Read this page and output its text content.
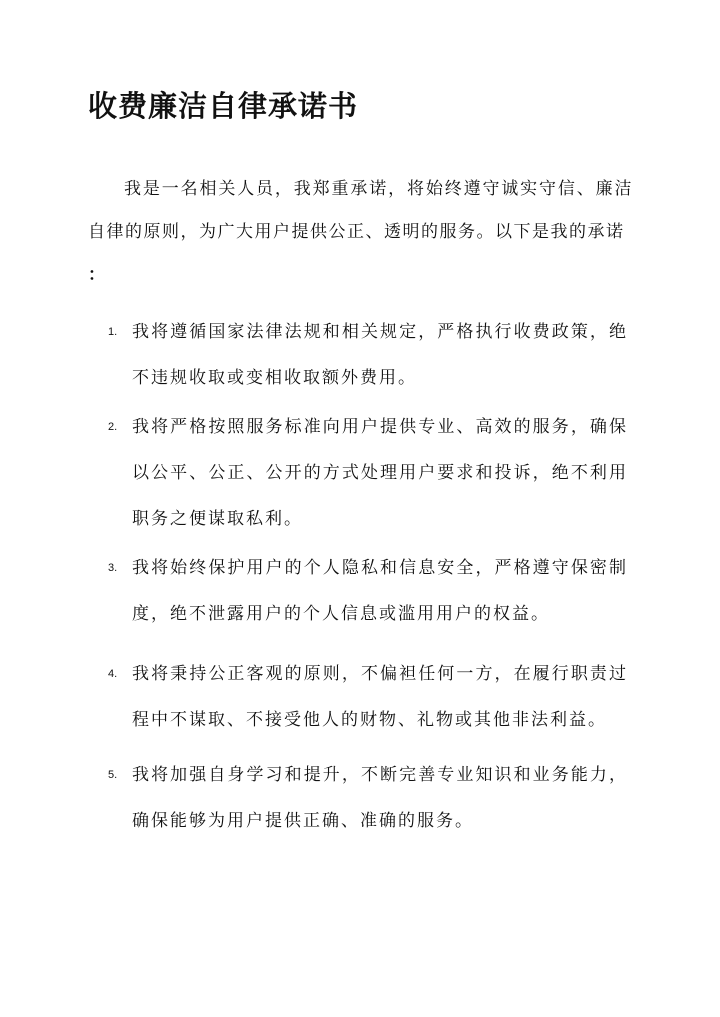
收费廉洁自律承诺书

我是一名相关人员，我郑重承诺，将始终遵守诚实守信、廉洁自律的原则，为广大用户提供公正、透明的服务。以下是我的承诺

：

1. 我将遵循国家法律法规和相关规定，严格执行收费政策，绝不违规收取或变相收取额外费用。

2. 我将严格按照服务标准向用户提供专业、高效的服务，确保以公平、公正、公开的方式处理用户要求和投诉，绝不利用职务之便谋取私利。

3. 我将始终保护用户的个人隐私和信息安全，严格遵守保密制度，绝不泄露用户的个人信息或滥用用户的权益。

4. 我将秉持公正客观的原则，不偏袒任何一方，在履行职责过程中不谋取、不接受他人的财物、礼物或其他非法利益。

5. 我将加强自身学习和提升，不断完善专业知识和业务能力，确保能够为用户提供正确、准确的服务。
